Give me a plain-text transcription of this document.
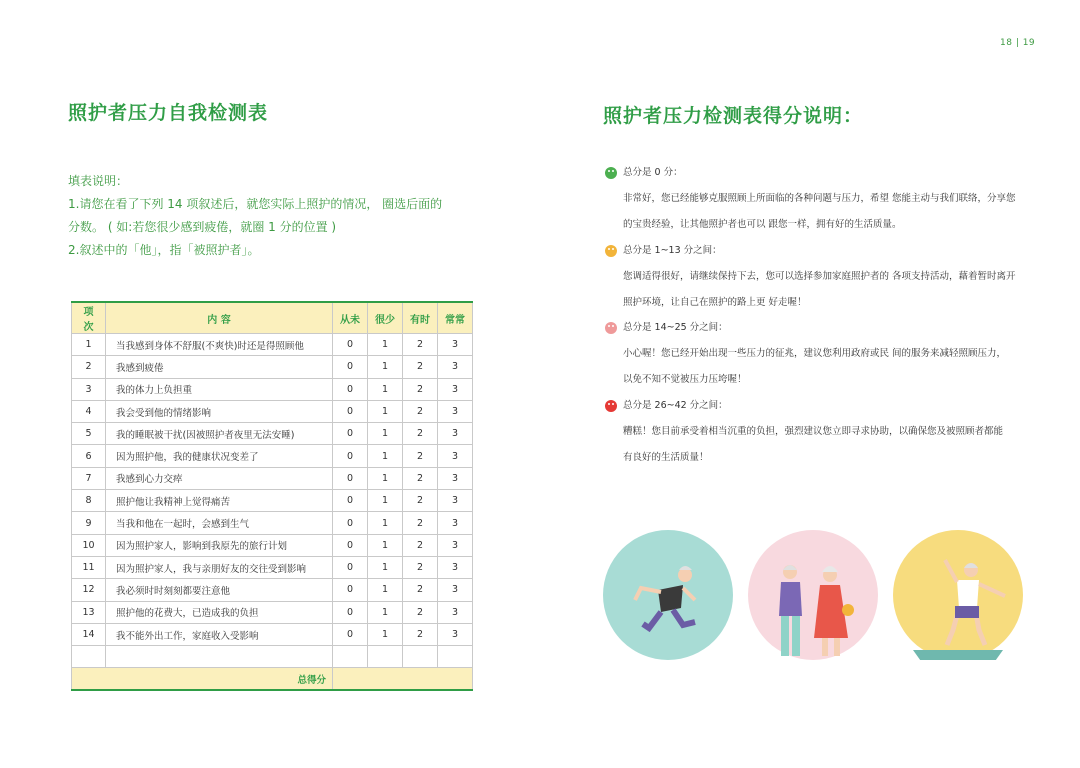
18 | 19
照护者压力自我检测表
填表说明：
1.请您在看了下列 14 项叙述后，就您实际上照护的情况， 圈选后面的
分数。 ( 如:若您很少感到疲倦，就圈 1 分的位置 )
2.叙述中的「他」，指「被照护者」。
项 次	内 容	从未	很少	有时	常常
1	当我感到身体不舒服(不爽快)时还是得照顾他	0	1	2	3
2	我感到疲倦	0	1	2	3
3	我的体力上负担重	0	1	2	3
4	我会受到他的情绪影响	0	1	2	3
5	我的睡眠被干扰(因被照护者夜里无法安睡)	0	1	2	3
6	因为照护他，我的健康状况变差了	0	1	2	3
7	我感到心力交瘁	0	1	2	3
8	照护他让我精神上觉得痛苦	0	1	2	3
9	当我和他在一起时，会感到生气	0	1	2	3
10	因为照护家人，影响到我原先的旅行计划	0	1	2	3
11	因为照护家人，我与亲朋好友的交往受到影响	0	1	2	3
12	我必须时时刻刻都要注意他	0	1	2	3
13	照护他的花费大，已造成我的负担	0	1	2	3
14	我不能外出工作，家庭收入受影响	0	1	2	3

总得分					
照护者压力检测表得分说明：
总分是 0 分：
非常好，您已经能够克服照顾上所面临的各种问题与压力，希望 您能主动与我们联络，分享您
的宝贵经验，让其他照护者也可以 跟您一样，拥有好的生活质量。
总分是 1~13 分之间：
您调适得很好，请继续保持下去，您可以选择参加家庭照护者的 各项支持活动，藉着暂时离开
照护环境，让自己在照护的路上更 好走喔！
总分是 14~25 分之间：
小心喔！您已经开始出现一些压力的征兆，建议您利用政府或民 间的服务来减轻照顾压力，
以免不知不觉被压力压垮喔！
总分是 26~42 分之间：
糟糕！您目前承受着相当沉重的负担，强烈建议您立即寻求协助，以确保您及被照顾者都能
有良好的生活质量！
